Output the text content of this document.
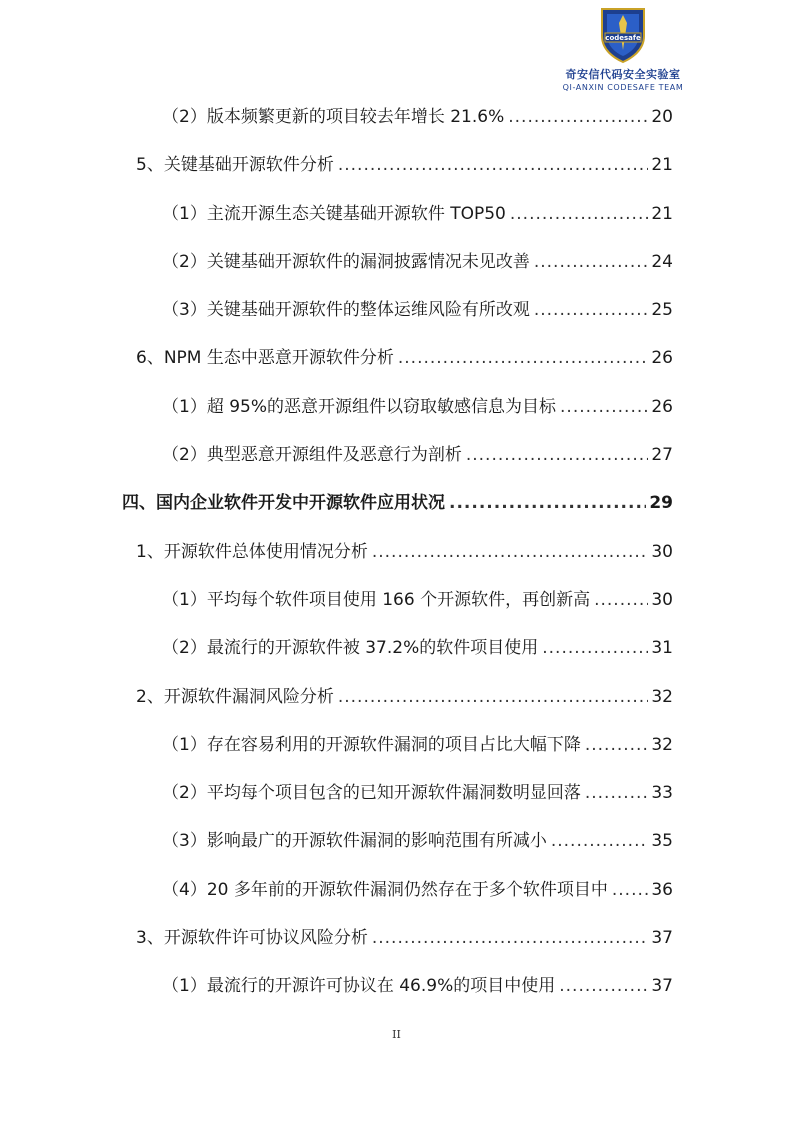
codesafe
奇安信代码安全实验室
QI-ANXIN CODESAFE TEAM
（2）版本频繁更新的项目较去年增长 21.6% .....	20
5、关键基础开源软件分析 .....	21
（1）主流开源生态关键基础开源软件 TOP50 .....	21
（2）关键基础开源软件的漏洞披露情况未见改善 .....	24
（3）关键基础开源软件的整体运维风险有所改观 .....	25
6、NPM 生态中恶意开源软件分析 .....	26
（1）超 95%的恶意开源组件以窃取敏感信息为目标 .....	26
（2）典型恶意开源组件及恶意行为剖析 .....	27
四、国内企业软件开发中开源软件应用状况 .....	29
1、开源软件总体使用情况分析 .....	30
（1）平均每个软件项目使用 166 个开源软件，再创新高 .....	30
（2）最流行的开源软件被 37.2%的软件项目使用 .....	31
2、开源软件漏洞风险分析 .....	32
（1）存在容易利用的开源软件漏洞的项目占比大幅下降 .....	32
（2）平均每个项目包含的已知开源软件漏洞数明显回落 .....	33
（3）影响最广的开源软件漏洞的影响范围有所减小 .....	35
（4）20 多年前的开源软件漏洞仍然存在于多个软件项目中 .....	36
3、开源软件许可协议风险分析 .....	37
（1）最流行的开源许可协议在 46.9%的项目中使用 .....	37
II
